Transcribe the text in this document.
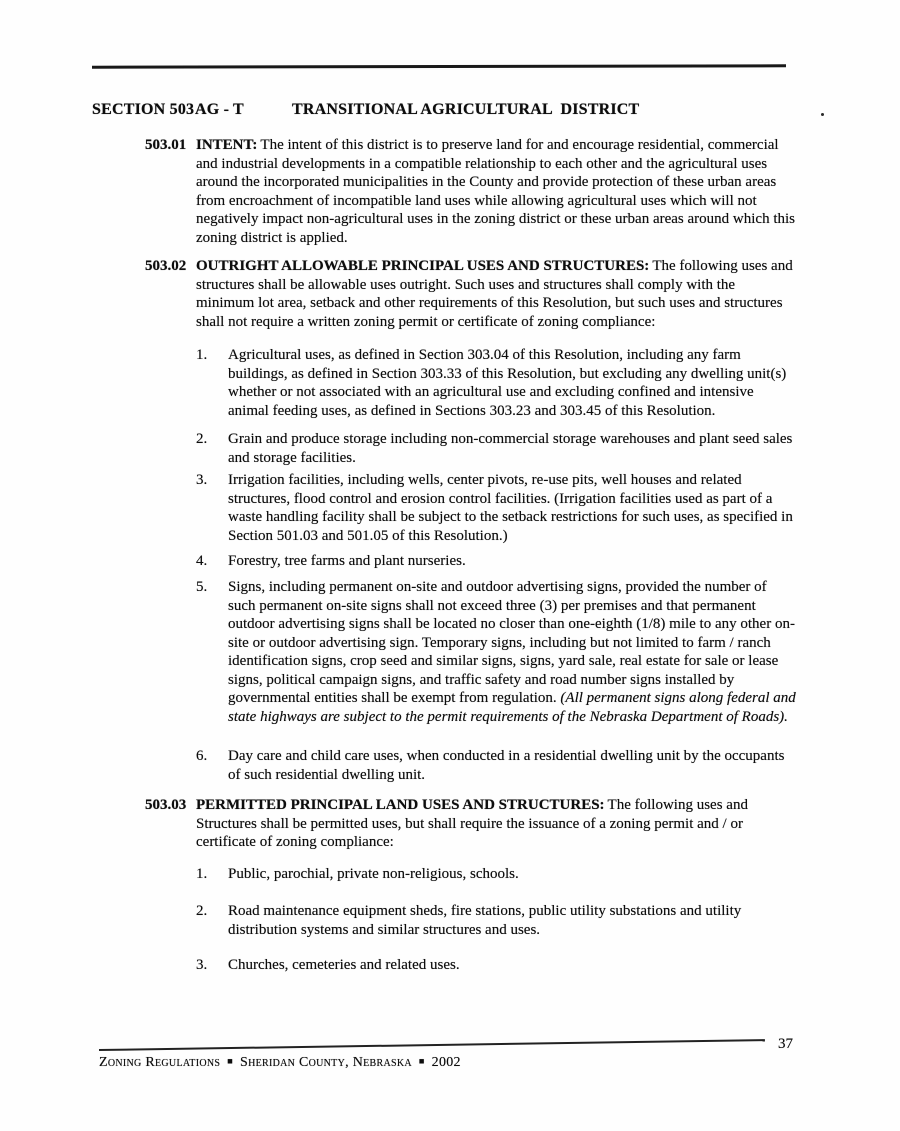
SECTION 503 AG - T	TRANSITIONAL AGRICULTURAL  DISTRICT
503.01 INTENT: The intent of this district is to preserve land for and encourage residential, commercial and industrial developments in a compatible relationship to each other and the agricultural uses around the incorporated municipalities in the County and provide protection of these urban areas from encroachment of incompatible land uses while allowing agricultural uses which will not negatively impact non-agricultural uses in the zoning district or these urban areas around which this zoning district is applied.
503.02 OUTRIGHT ALLOWABLE PRINCIPAL USES AND STRUCTURES: The following uses and structures shall be allowable uses outright. Such uses and structures shall comply with the minimum lot area, setback and other requirements of this Resolution, but such uses and structures shall not require a written zoning permit or certificate of zoning compliance:
1.	Agricultural uses, as defined in Section 303.04 of this Resolution, including any farm buildings, as defined in Section 303.33 of this Resolution, but excluding any dwelling unit(s) whether or not associated with an agricultural use and excluding confined and intensive animal feeding uses, as defined in Sections 303.23 and 303.45 of this Resolution.
2.	Grain and produce storage including non-commercial storage warehouses and plant seed sales and storage facilities.
3.	Irrigation facilities, including wells, center pivots, re-use pits, well houses and related structures, flood control and erosion control facilities. (Irrigation facilities used as part of a waste handling facility shall be subject to the setback restrictions for such uses, as specified in Section 501.03 and 501.05 of this Resolution.)
4.	Forestry, tree farms and plant nurseries.
5.	Signs, including permanent on-site and outdoor advertising signs, provided the number of such permanent on-site signs shall not exceed three (3) per premises and that permanent outdoor advertising signs shall be located no closer than one-eighth (1/8) mile to any other on-site or outdoor advertising sign. Temporary signs, including but not limited to farm / ranch identification signs, crop seed and similar signs, signs, yard sale, real estate for sale or lease signs, political campaign signs, and traffic safety and road number signs installed by governmental entities shall be exempt from regulation. (All permanent signs along federal and state highways are subject to the permit requirements of the Nebraska Department of Roads).
6.	Day care and child care uses, when conducted in a residential dwelling unit by the occupants of such residential dwelling unit.
503.03 PERMITTED PRINCIPAL LAND USES AND STRUCTURES: The following uses and Structures shall be permitted uses, but shall require the issuance of a zoning permit and / or certificate of zoning compliance:
1.	Public, parochial, private non-religious, schools.
2.	Road maintenance equipment sheds, fire stations, public utility substations and utility distribution systems and similar structures and uses.
3.	Churches, cemeteries and related uses.
Zoning Regulations ■ Sheridan County, Nebraska ■ 2002
37
